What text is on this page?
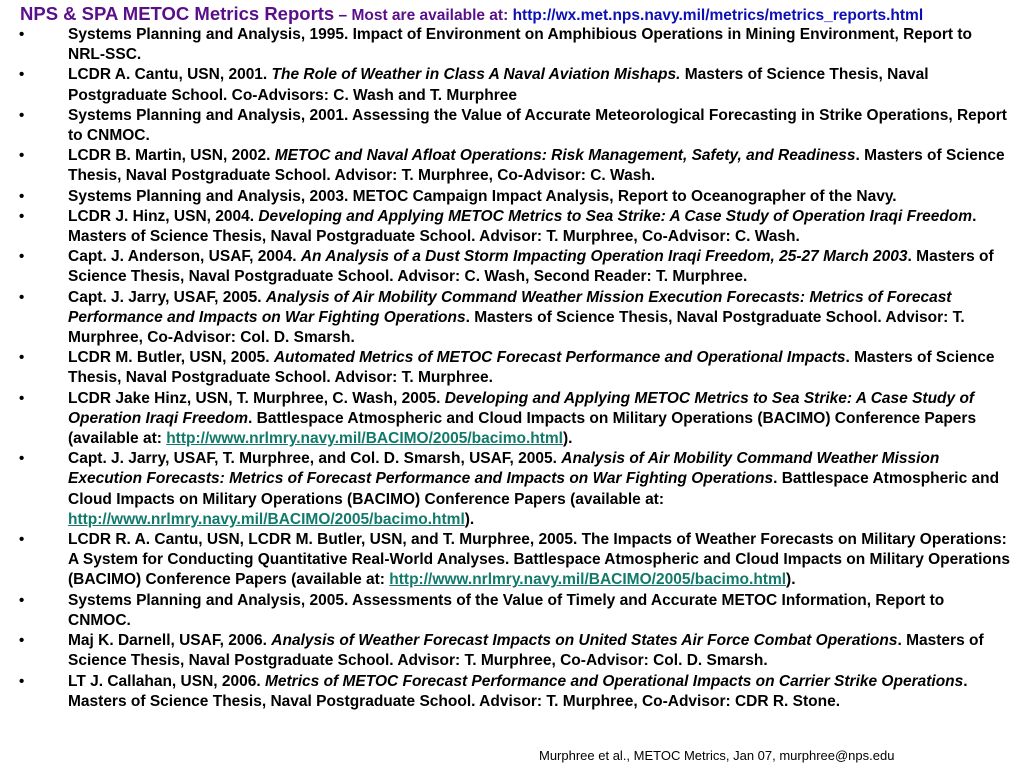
NPS & SPA METOC Metrics Reports – Most are available at: http://wx.met.nps.navy.mil/metrics/metrics_reports.html
•	Systems Planning and Analysis, 1995. Impact of Environment on Amphibious Operations in Mining Environment, Report to NRL-SSC.
•	LCDR A. Cantu, USN, 2001. The Role of Weather in Class A Naval Aviation Mishaps. Masters of Science Thesis, Naval Postgraduate School. Co-Advisors: C. Wash and T. Murphree
•	Systems Planning and Analysis, 2001. Assessing the Value of Accurate Meteorological Forecasting in Strike Operations, Report to CNMOC.
•	LCDR B. Martin, USN, 2002. METOC and Naval Afloat Operations: Risk Management, Safety, and Readiness. Masters of Science Thesis, Naval Postgraduate School. Advisor: T. Murphree, Co-Advisor: C. Wash.
•	Systems Planning and Analysis, 2003. METOC Campaign Impact Analysis, Report to Oceanographer of the Navy.
•	LCDR J. Hinz, USN, 2004. Developing and Applying METOC Metrics to Sea Strike: A Case Study of Operation Iraqi Freedom. Masters of Science Thesis, Naval Postgraduate School. Advisor: T. Murphree, Co-Advisor: C. Wash.
•	Capt. J. Anderson, USAF, 2004. An Analysis of a Dust Storm Impacting Operation Iraqi Freedom, 25-27 March 2003. Masters of Science Thesis, Naval Postgraduate School. Advisor: C. Wash, Second Reader: T. Murphree.
•	Capt. J. Jarry, USAF, 2005. Analysis of Air Mobility Command Weather Mission Execution Forecasts: Metrics of Forecast Performance and Impacts on War Fighting Operations. Masters of Science Thesis, Naval Postgraduate School. Advisor: T. Murphree, Co-Advisor: Col. D. Smarsh.
•	LCDR M. Butler, USN, 2005. Automated Metrics of METOC Forecast Performance and Operational Impacts. Masters of Science Thesis, Naval Postgraduate School. Advisor: T. Murphree.
•	LCDR Jake Hinz, USN, T. Murphree, C. Wash, 2005. Developing and Applying METOC Metrics to Sea Strike: A Case Study of Operation Iraqi Freedom. Battlespace Atmospheric and Cloud Impacts on Military Operations (BACIMO) Conference Papers (available at: http://www.nrlmry.navy.mil/BACIMO/2005/bacimo.html).
•	Capt. J. Jarry, USAF, T. Murphree, and Col. D. Smarsh, USAF, 2005. Analysis of Air Mobility Command Weather Mission Execution Forecasts: Metrics of Forecast Performance and Impacts on War Fighting Operations. Battlespace Atmospheric and Cloud Impacts on Military Operations (BACIMO) Conference Papers (available at: http://www.nrlmry.navy.mil/BACIMO/2005/bacimo.html).
•	LCDR R. A. Cantu, USN, LCDR M. Butler, USN, and T. Murphree, 2005. The Impacts of Weather Forecasts on Military Operations: A System for Conducting Quantitative Real-World Analyses. Battlespace Atmospheric and Cloud Impacts on Military Operations (BACIMO) Conference Papers (available at: http://www.nrlmry.navy.mil/BACIMO/2005/bacimo.html).
•	Systems Planning and Analysis, 2005. Assessments of the Value of Timely and Accurate METOC Information, Report to CNMOC.
•	Maj K. Darnell, USAF, 2006. Analysis of Weather Forecast Impacts on United States Air Force Combat Operations. Masters of Science Thesis, Naval Postgraduate School. Advisor: T. Murphree, Co-Advisor: Col. D. Smarsh.
•	LT J. Callahan, USN, 2006. Metrics of METOC Forecast Performance and Operational Impacts on Carrier Strike Operations. Masters of Science Thesis, Naval Postgraduate School. Advisor: T. Murphree, Co-Advisor: CDR R. Stone.
Murphree et al., METOC Metrics, Jan 07, murphree@nps.edu
